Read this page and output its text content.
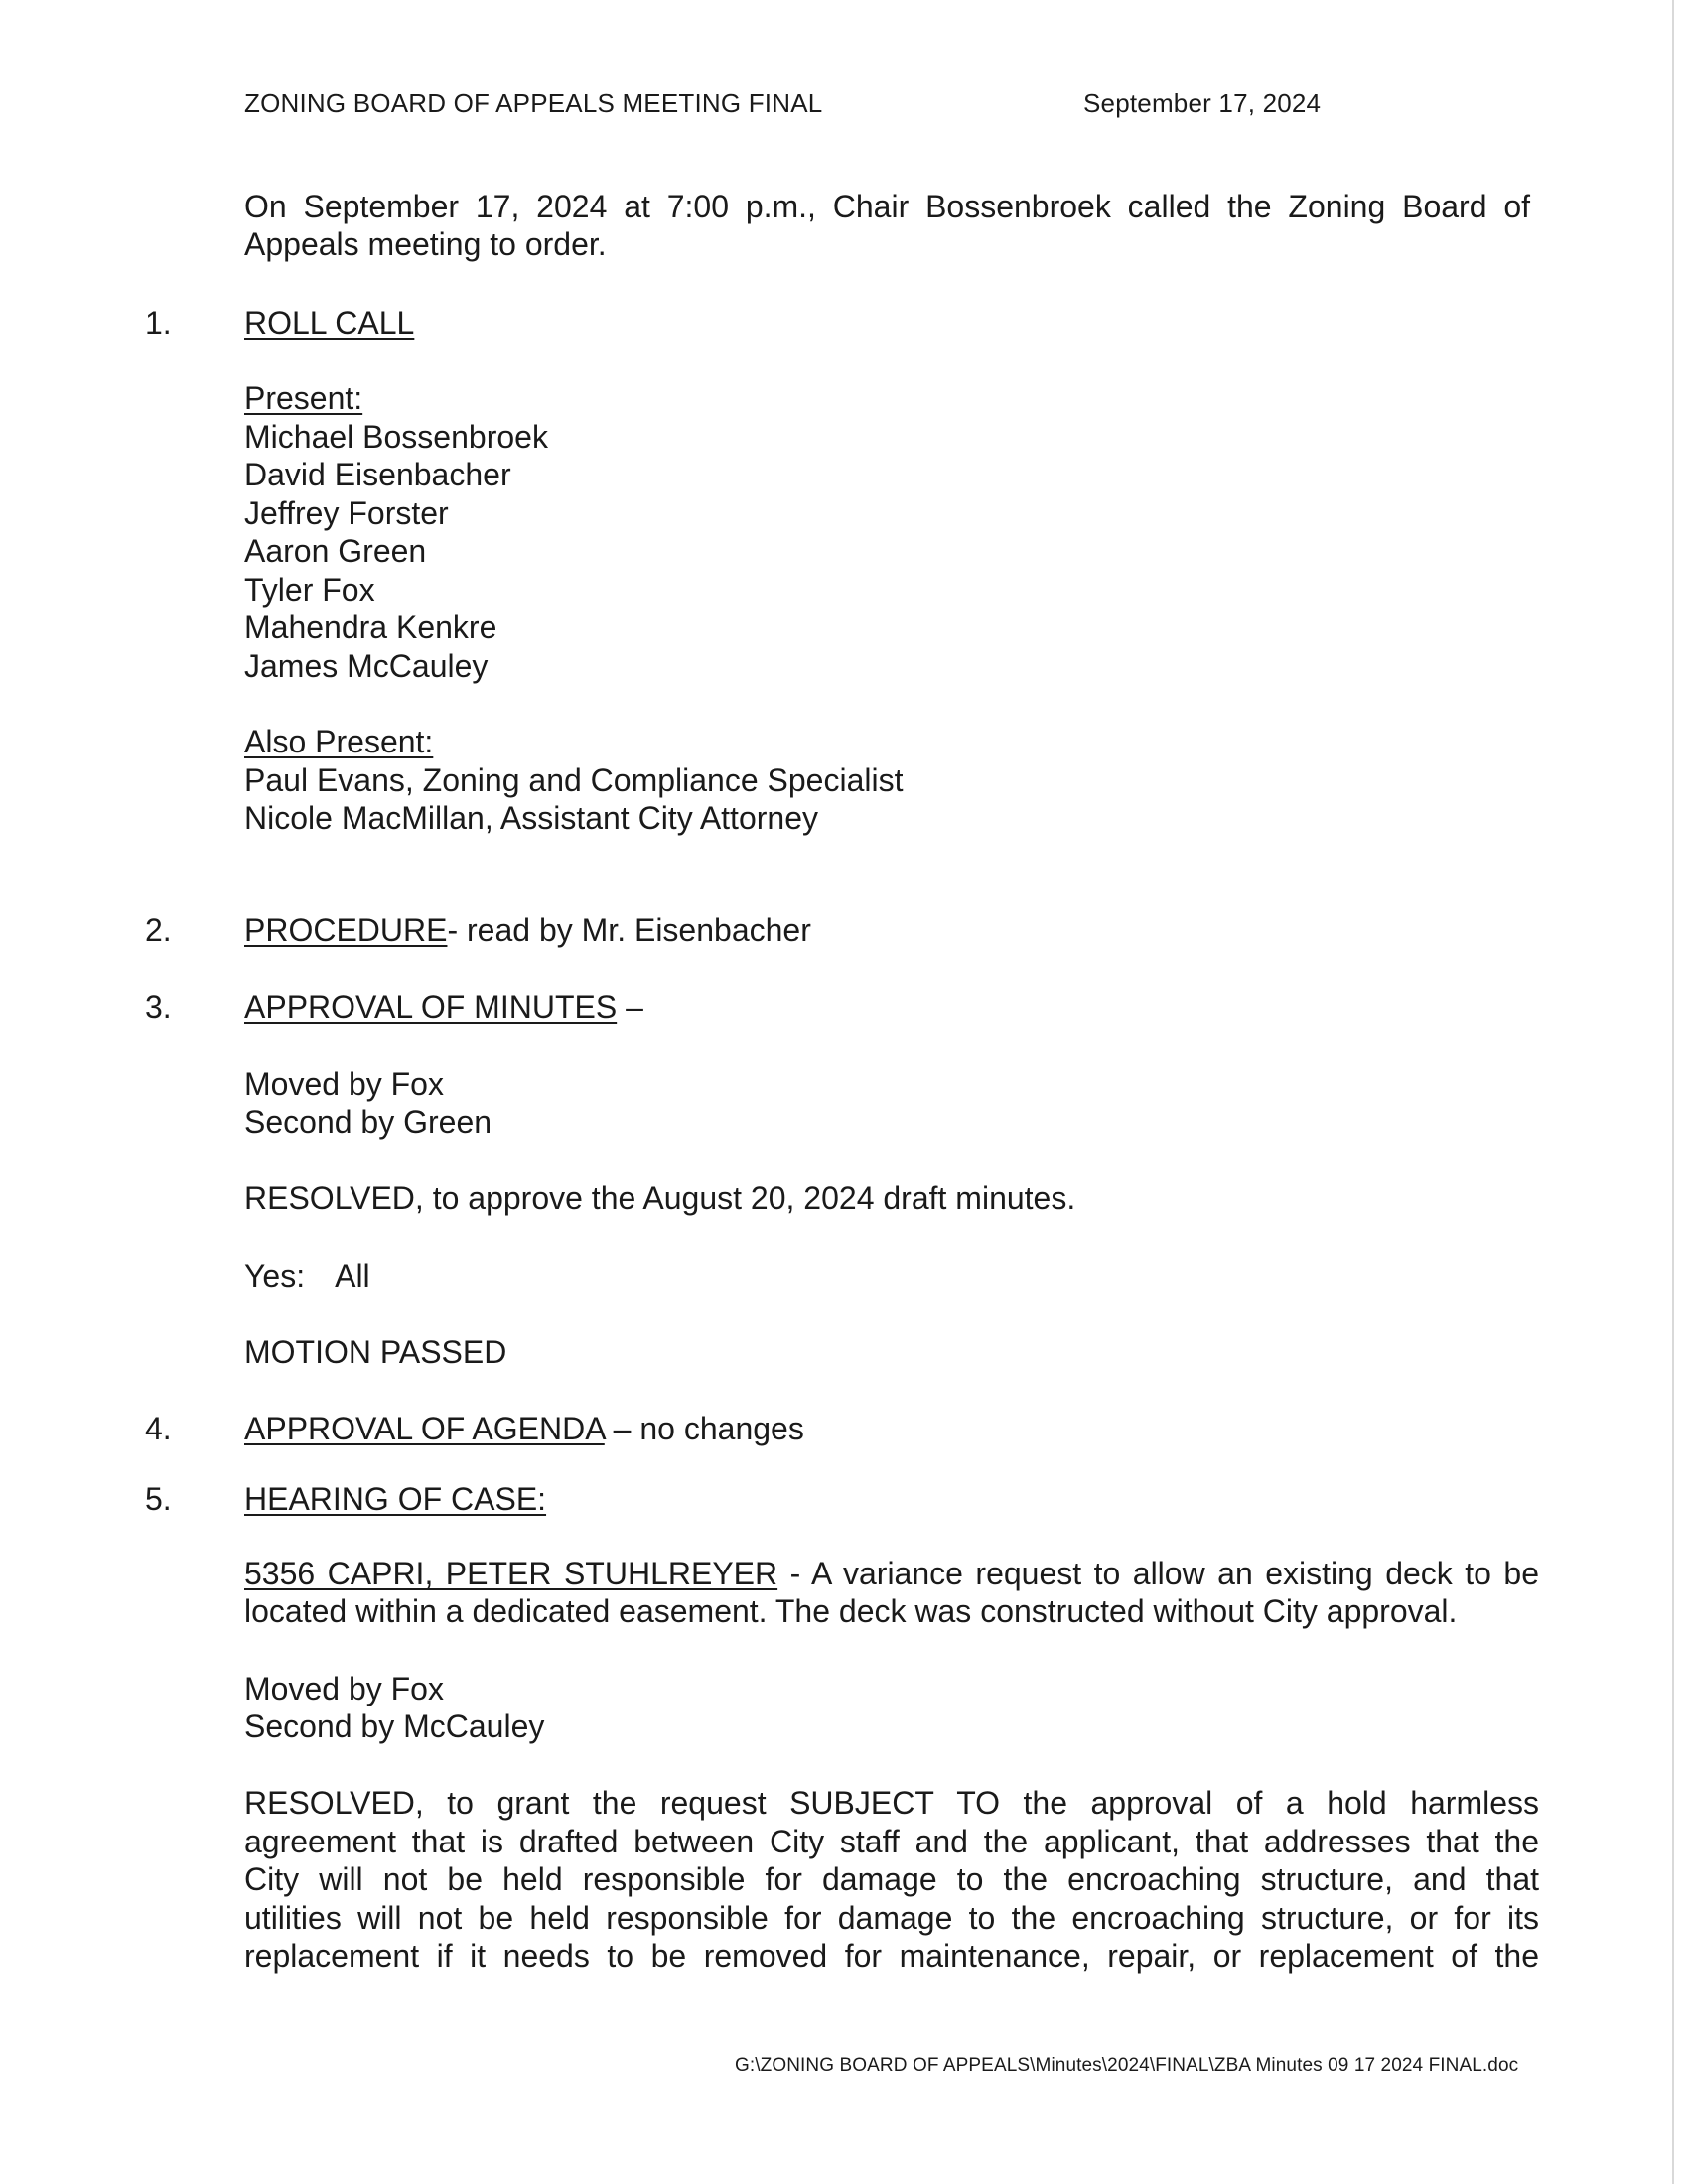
ZONING BOARD OF APPEALS MEETING FINAL	September 17, 2024
On September 17, 2024 at 7:00 p.m., Chair Bossenbroek called the Zoning Board of
Appeals meeting to order.
1. ROLL CALL
Present:
Michael Bossenbroek
David Eisenbacher
Jeffrey Forster
Aaron Green
Tyler Fox
Mahendra Kenkre
James McCauley
Also Present:
Paul Evans, Zoning and Compliance Specialist
Nicole MacMillan, Assistant City Attorney
2. PROCEDURE- read by Mr. Eisenbacher
3. APPROVAL OF MINUTES –
Moved by Fox
Second by Green
RESOLVED, to approve the August 20, 2024 draft minutes.
Yes: All
MOTION PASSED
4. APPROVAL OF AGENDA – no changes
5. HEARING OF CASE:
5356 CAPRI, PETER STUHLREYER - A variance request to allow an existing deck to be
located within a dedicated easement. The deck was constructed without City approval.
Moved by Fox
Second by McCauley
RESOLVED, to grant the request SUBJECT TO the approval of a hold harmless
agreement that is drafted between City staff and the applicant, that addresses that the
City will not be held responsible for damage to the encroaching structure, and that
utilities will not be held responsible for damage to the encroaching structure, or for its
replacement if it needs to be removed for maintenance, repair, or replacement of the
G:\ZONING BOARD OF APPEALS\Minutes\2024\FINAL\ZBA Minutes 09 17 2024 FINAL.doc
